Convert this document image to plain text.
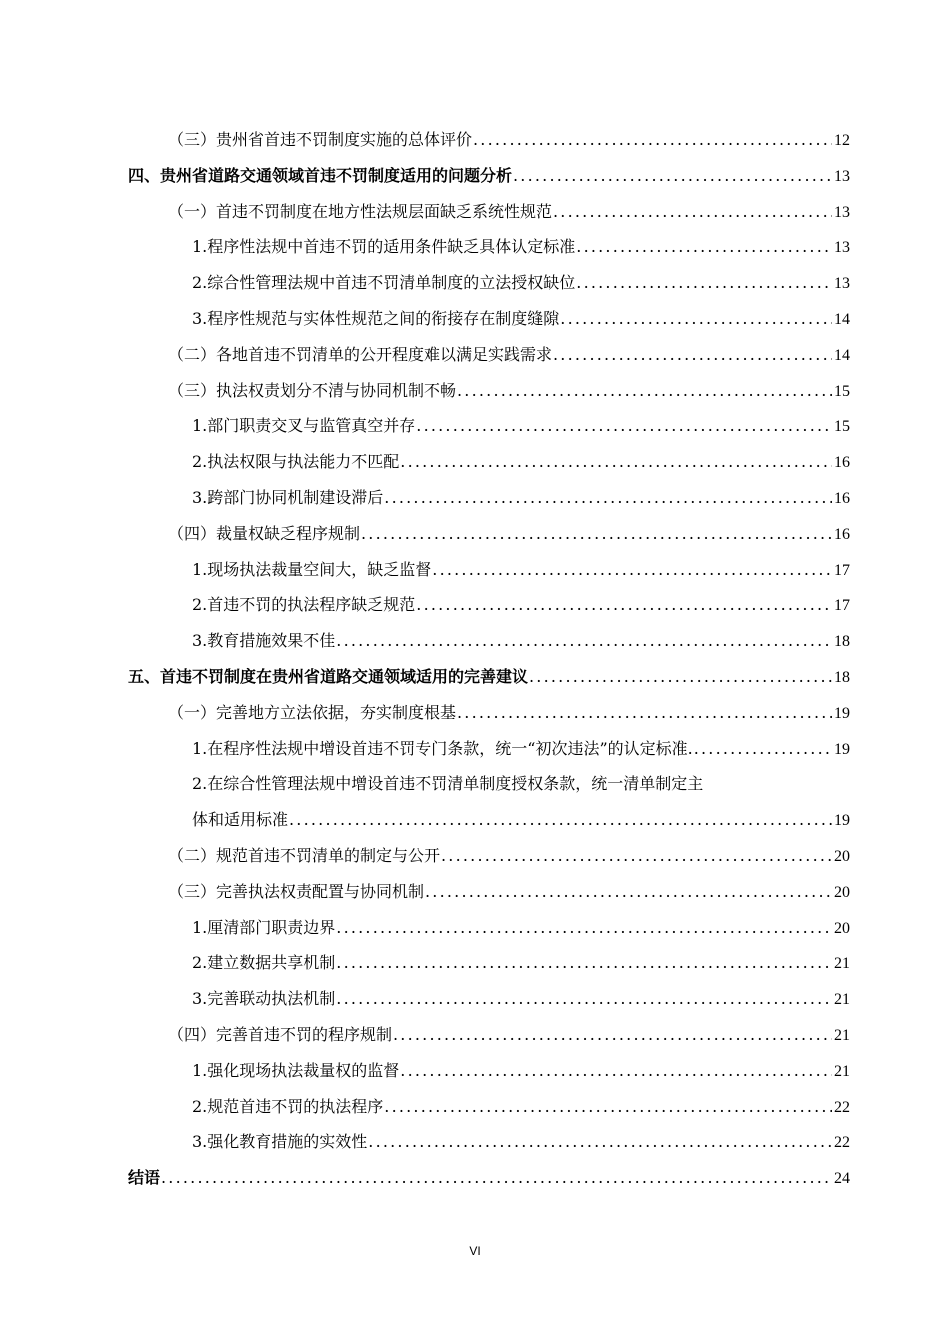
（三）贵州省首违不罚制度实施的总体评价 .....	12
四、贵州省道路交通领域首违不罚制度适用的问题分析 .....	13
（一）首违不罚制度在地方性法规层面缺乏系统性规范 .....	13
1.程序性法规中首违不罚的适用条件缺乏具体认定标准 .....	13
2.综合性管理法规中首违不罚清单制度的立法授权缺位 .....	13
3.程序性规范与实体性规范之间的衔接存在制度缝隙 .....	14
（二）各地首违不罚清单的公开程度难以满足实践需求 .....	14
（三）执法权责划分不清与协同机制不畅 .....	15
1.部门职责交叉与监管真空并存 .....	15
2.执法权限与执法能力不匹配 .....	16
3.跨部门协同机制建设滞后 .....	16
（四）裁量权缺乏程序规制 .....	16
1.现场执法裁量空间大，缺乏监督 .....	17
2.首违不罚的执法程序缺乏规范 .....	17
3.教育措施效果不佳 .....	18
五、首违不罚制度在贵州省道路交通领域适用的完善建议 .....	18
（一）完善地方立法依据，夯实制度根基 .....	19
1.在程序性法规中增设首违不罚专门条款，统一“初次违法”的认定标准. .....	19
2.在综合性管理法规中增设首违不罚清单制度授权条款，统一清单制定主
体和适用标准 .....	19
（二）规范首违不罚清单的制定与公开 .....	20
（三）完善执法权责配置与协同机制 .....	20
1.厘清部门职责边界 .....	20
2.建立数据共享机制 .....	21
3.完善联动执法机制 .....	21
（四）完善首违不罚的程序规制 .....	21
1.强化现场执法裁量权的监督 .....	21
2.规范首违不罚的执法程序 .....	22
3.强化教育措施的实效性 .....	22
结语 .....	24
VI
